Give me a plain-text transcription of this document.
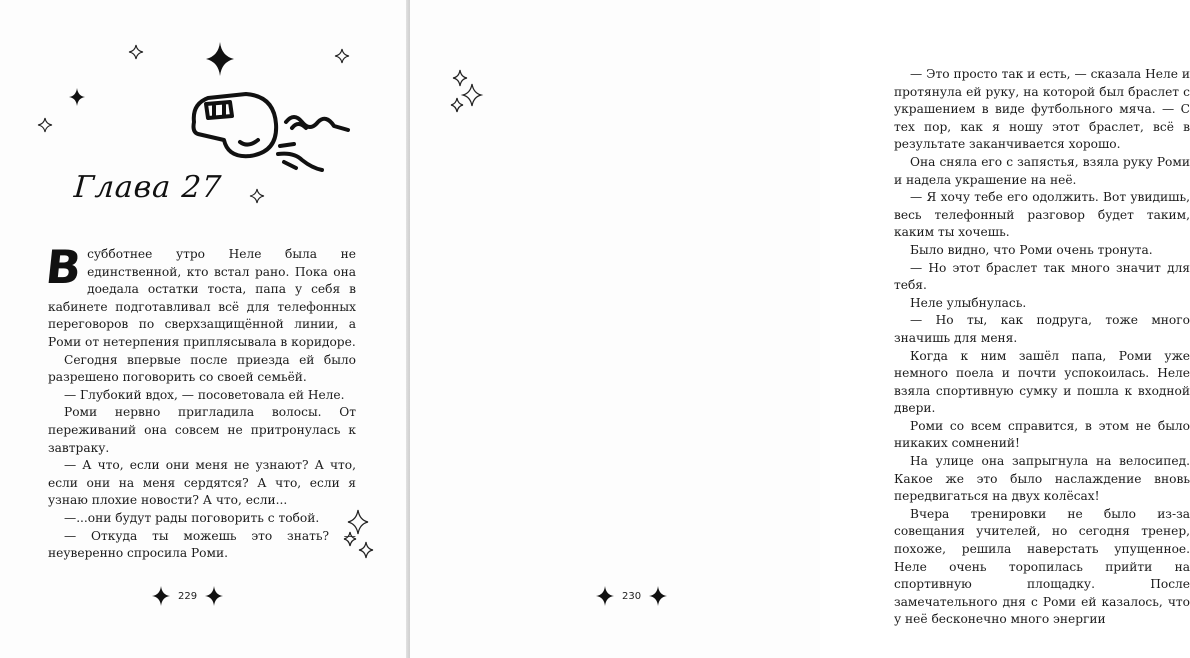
Глава 27

В субботнее утро Неле была не единственной, кто встал рано. Пока она доедала остатки тоста, папа у себя в кабинете подготавливал всё для телефонных переговоров по сверхзащищённой линии, а Роми от нетерпения приплясывала в коридоре.

Сегодня впервые после приезда ей было разрешено поговорить со своей семьёй.

— Глубокий вдох, — посоветовала ей Неле.

Роми нервно пригладила волосы. От переживаний она совсем не притронулась к завтраку.

— А что, если они меня не узнают? А что, если они на меня сердятся? А что, если я узнаю плохие новости? А что, если...

—...они будут рады поговорить с тобой.

— Откуда ты можешь это знать? — неуверенно спросила Роми.

229

— Это просто так и есть, — сказала Неле и протянула ей руку, на которой был браслет с украшением в виде футбольного мяча. — С тех пор, как я ношу этот браслет, всё в результате заканчивается хорошо.

Она сняла его с запястья, взяла руку Роми и надела украшение на неё.

— Я хочу тебе его одолжить. Вот увидишь, весь телефонный разговор будет таким, каким ты хочешь.

Было видно, что Роми очень тронута.

— Но этот браслет так много значит для тебя.

Неле улыбнулась.

— Но ты, как подруга, тоже много значишь для меня.

Когда к ним зашёл папа, Роми уже немного поела и почти успокоилась. Неле взяла спортивную сумку и пошла к входной двери.

Роми со всем справится, в этом не было никаких сомнений!

На улице она запрыгнула на велосипед. Какое же это было наслаждение вновь передвигаться на двух колёсах!

Вчера тренировки не было из-за совещания учителей, но сегодня тренер, похоже, решила наверстать упущенное. Неле очень торопилась прийти на спортивную площадку. После замечательного дня с Роми ей казалось, что у неё бесконечно много энергии

230
